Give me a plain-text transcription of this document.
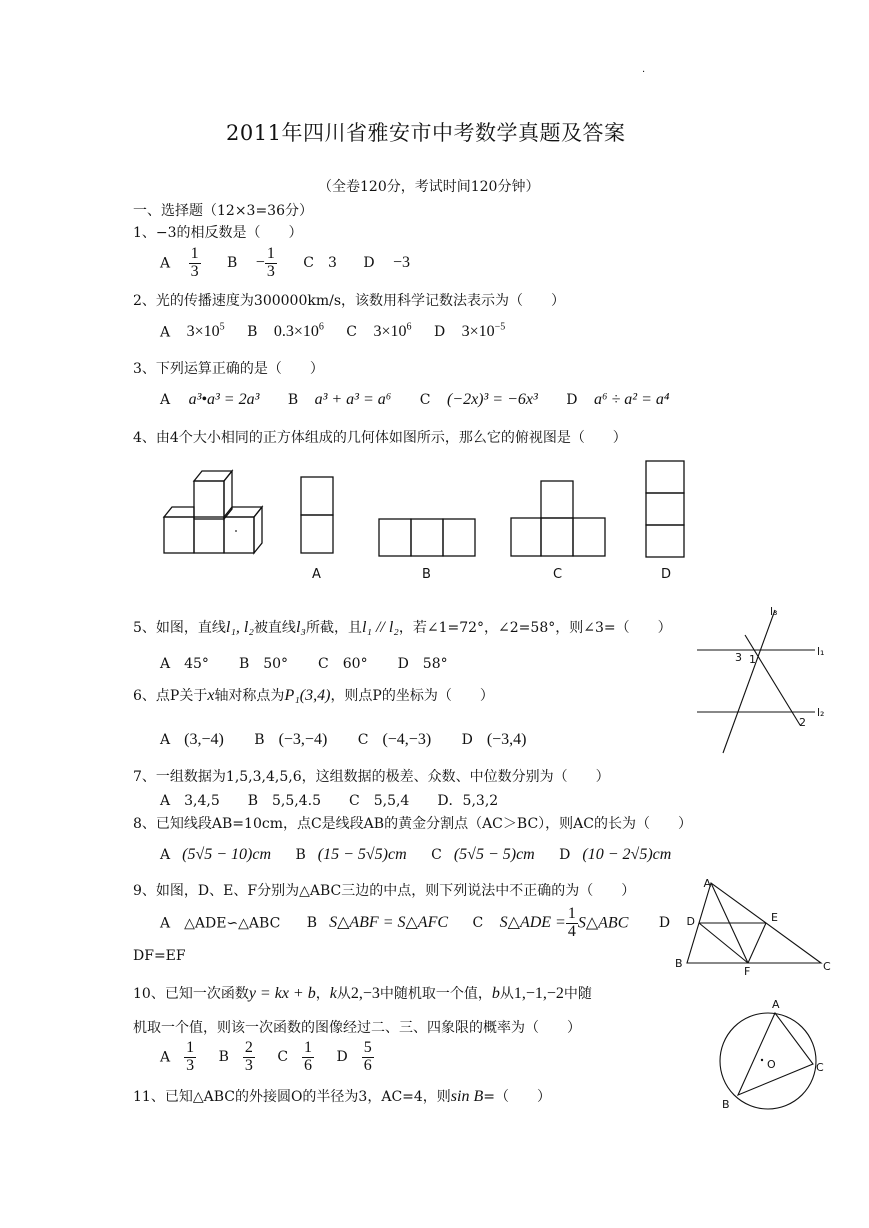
.
2011年四川省雅安市中考数学真题及答案
（全卷120分，考试时间120分钟）
一、选择题（12×3=36分）
1、−3的相反数是（　　）
A $\frac{1}{3}$ $B - \frac{1}{3}$ C　3 D −3
2、光的传播速度为300000km/s，该数用科学记数法表示为（　　）
A $3\times 10^5$ B $0.3\times 10^6$ C $3\times 10^6$ D $3\times 10^{-5}$
3、下列运算正确的是（　　）
A a³•a³ = 2a³ B a³ + a³ = a⁶ C (−2x)³ = −6x³ D a⁶ ÷ a² = a⁴
4、由4个大小相同的正方体组成的几何体如图所示，那么它的俯视图是（　　）
A	B	C	D
5、如图，直线l₁, l₂被直线l₃所截，且l₁ // l₂，若∠1=72°，∠2=58°，则∠3=（　　）
A　45° B　50° C　60° D　58°
l₃
l₁
l₂
1
3
2
6、点P关于x轴对称点为P₁(3,4)，则点P的坐标为（　　）
A (3,−4) B (−3,−4) C (−4,−3) D (−3,4)
7、一组数据为1,5,3,4,5,6，这组数据的极差、众数、中位数分别为（　　）
A　3,4,5　　B　5,5,4.5　　C　5,5,4　　D．5,3,2
8、已知线段AB=10cm，点C是线段AB的黄金分割点（AC＞BC），则AC的长为（　　）
A (5√5 − 10)cm B (15 − 5√5)cm C (5√5 − 5)cm D (10 − 2√5)cm
9、如图，D、E、F分别为△ABC三边的中点，则下列说法中不正确的为（　　）
A　△ADE∽△ABC B S△ABF = S△AFC C S△ADE = $\frac{1}{4}$ S△ABC D
DF=EF
A
B	C
D	E
F
10、已知一次函数y = kx + b，k从2,−3中随机取一个值，b从1,−1,−2中随
机取一个值，则该一次函数的图像经过二、三、四象限的概率为（　　）
A $\frac{1}{3}$ B $\frac{2}{3}$ C $\frac{1}{6}$ D $\frac{5}{6}$
11、已知△ABC的外接圆O的半径为3，AC=4，则sin B=（　　）
A
B
C
O
